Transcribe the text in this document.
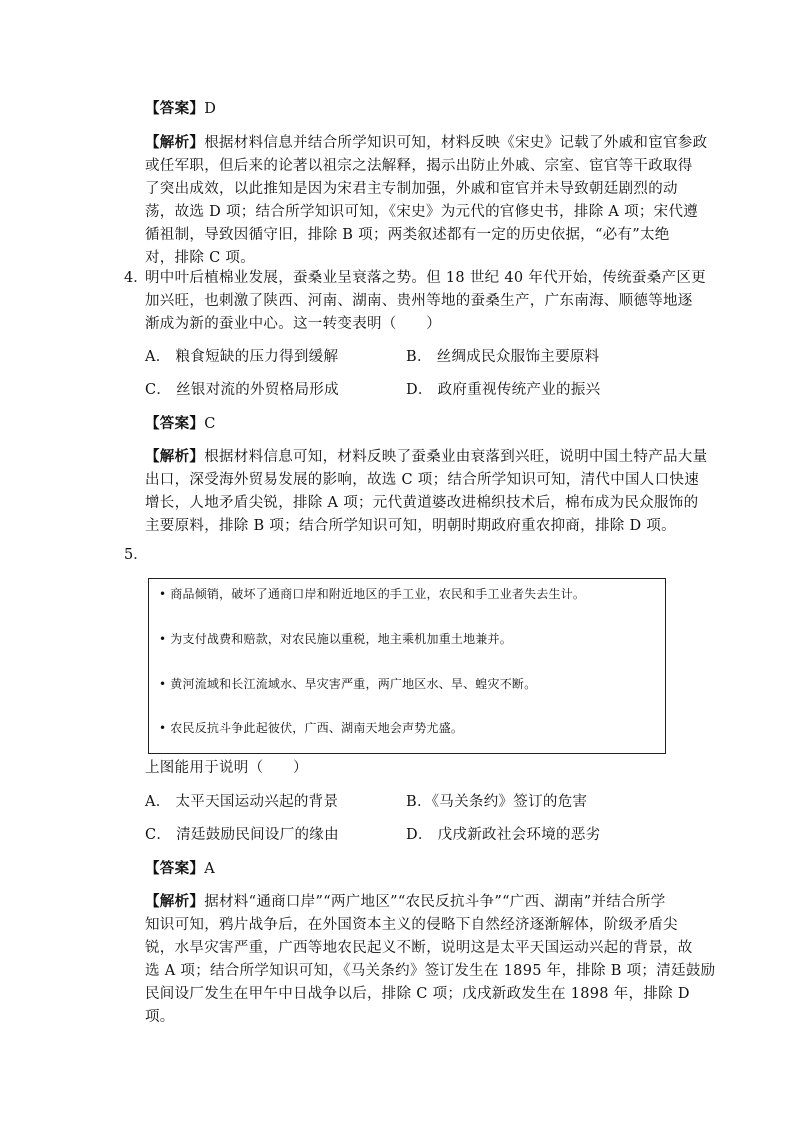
【答案】D
【解析】根据材料信息并结合所学知识可知，材料反映《宋史》记载了外戚和宦官参政
或任军职，但后来的论著以祖宗之法解释，揭示出防止外戚、宗室、宦官等干政取得
了突出成效，以此推知是因为宋君主专制加强，外戚和宦官并未导致朝廷剧烈的动
荡，故选 D 项；结合所学知识可知，《宋史》为元代的官修史书，排除 A 项；宋代遵
循祖制，导致因循守旧，排除 B 项；两类叙述都有一定的历史依据，“必有”太绝
对，排除 C 项。
4．
明中叶后植棉业发展，蚕桑业呈衰落之势。但 18 世纪 40 年代开始，传统蚕桑产区更
加兴旺，也刺激了陕西、河南、湖南、贵州等地的蚕桑生产，广东南海、顺德等地逐
渐成为新的蚕业中心。这一转变表明（　　）
A． 粮食短缺的压力得到缓解	B． 丝绸成民众服饰主要原料
C． 丝银对流的外贸格局形成	D． 政府重视传统产业的振兴
【答案】C
【解析】根据材料信息可知，材料反映了蚕桑业由衰落到兴旺，说明中国土特产品大量
出口，深受海外贸易发展的影响，故选 C 项；结合所学知识可知，清代中国人口快速
增长，人地矛盾尖锐，排除 A 项；元代黄道婆改进棉织技术后，棉布成为民众服饰的
主要原料，排除 B 项；结合所学知识可知，明朝时期政府重农抑商，排除 D 项。
5．
• 商品倾销，破坏了通商口岸和附近地区的手工业，农民和手工业者失去生计。
• 为支付战费和赔款，对农民施以重税，地主乘机加重土地兼并。
• 黄河流域和长江流域水、旱灾害严重，两广地区水、旱、蝗灾不断。
• 农民反抗斗争此起彼伏，广西、湖南天地会声势尤盛。
上图能用于说明（　　）
A． 太平天国运动兴起的背景	B．《马关条约》签订的危害
C． 清廷鼓励民间设厂的缘由	D． 戊戌新政社会环境的恶劣
【答案】A
【解析】据材料“通商口岸”“两广地区”“农民反抗斗争”“广西、湖南”并结合所学
知识可知，鸦片战争后，在外国资本主义的侵略下自然经济逐渐解体，阶级矛盾尖
锐，水旱灾害严重，广西等地农民起义不断，说明这是太平天国运动兴起的背景，故
选 A 项；结合所学知识可知，《马关条约》签订发生在 1895 年，排除 B 项；清廷鼓励
民间设厂发生在甲午中日战争以后，排除 C 项；戊戌新政发生在 1898 年，排除 D
项。
